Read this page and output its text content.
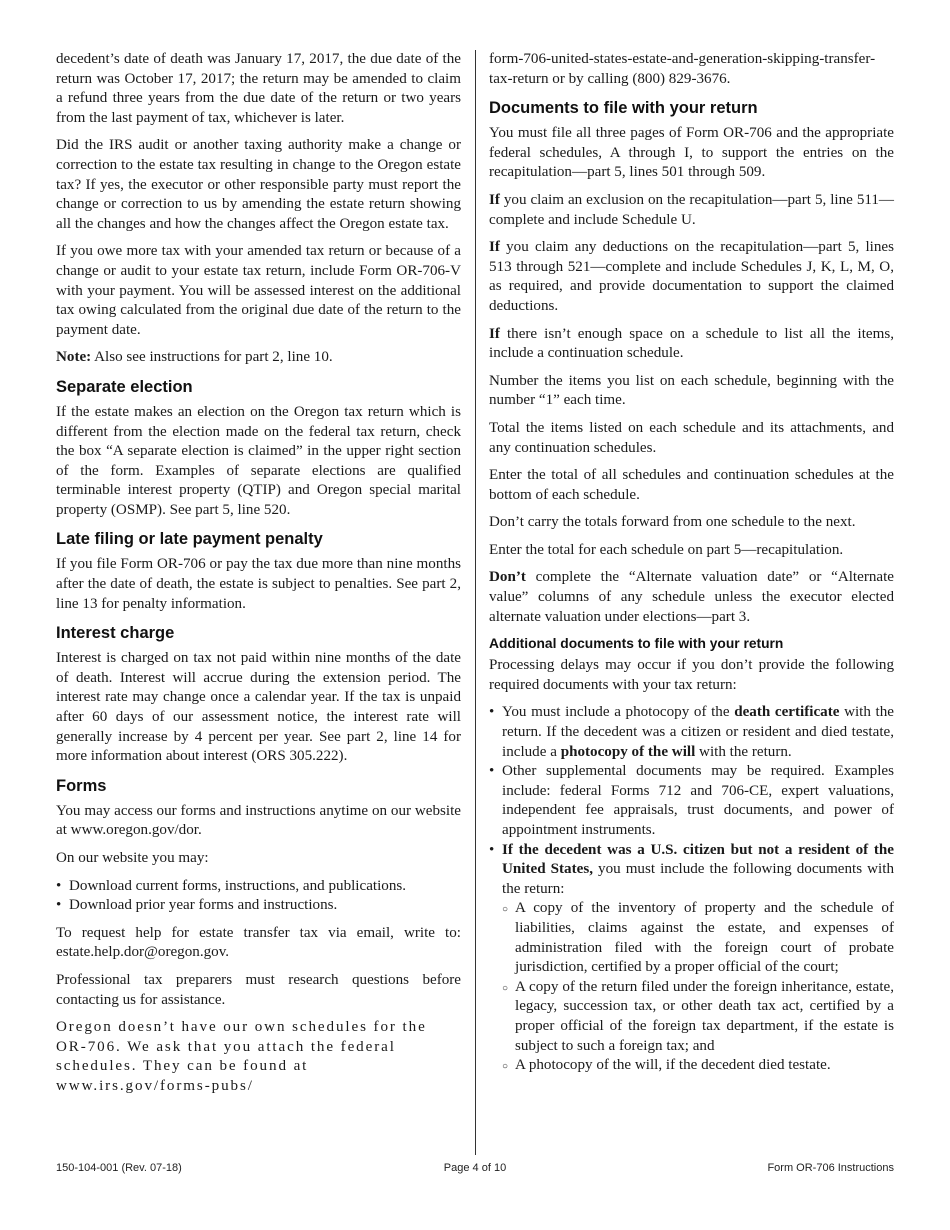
decedent’s date of death was January 17, 2017, the due date of the return was October 17, 2017; the return may be amended to claim a refund three years from the due date of the return or two years from the last payment of tax, whichever is later.

Did the IRS audit or another taxing authority make a change or correction to the estate tax resulting in change to the Oregon estate tax? If yes, the executor or other responsible party must report the change or correction to us by amending the estate return showing all the changes and how the changes affect the Oregon estate tax.

If you owe more tax with your amended tax return or because of a change or audit to your estate tax return, include Form OR-706-V with your payment. You will be assessed interest on the additional tax owing calculated from the original due date of the return to the payment date.

Note: Also see instructions for part 2, line 10.

Separate election

If the estate makes an election on the Oregon tax return which is different from the election made on the federal tax return, check the box “A separate election is claimed” in the upper right section of the form. Examples of separate elections are qualified terminable interest property (QTIP) and Oregon special marital property (OSMP). See part 5, line 520.

Late filing or late payment penalty

If you file Form OR-706 or pay the tax due more than nine months after the date of death, the estate is subject to penalties. See part 2, line 13 for penalty information.

Interest charge

Interest is charged on tax not paid within nine months of the date of death. Interest will accrue during the extension period. The interest rate may change once a calendar year. If the tax is unpaid after 60 days of our assessment notice, the interest rate will generally increase by 4 percent per year. See part 2, line 14 for more information about interest (ORS 305.222).

Forms

You may access our forms and instructions anytime on our website at www.oregon.gov/dor.

On our website you may:

• Download current forms, instructions, and publications.
• Download prior year forms and instructions.

To request help for estate transfer tax via email, write to: estate.help.dor@oregon.gov.

Professional tax preparers must research questions before contacting us for assistance.

Oregon doesn’t have our own schedules for the OR-706. We ask that you attach the federal schedules. They can be found at www.irs.gov/forms-pubs/

form-706-united-states-estate-and-generation-skipping-transfer-tax-return or by calling (800) 829-3676.

Documents to file with your return

You must file all three pages of Form OR-706 and the appropriate federal schedules, A through I, to support the entries on the recapitulation—part 5, lines 501 through 509.

If you claim an exclusion on the recapitulation—part 5, line 511—complete and include Schedule U.

If you claim any deductions on the recapitulation—part 5, lines 513 through 521—complete and include Schedules J, K, L, M, O, as required, and provide documentation to support the claimed deductions.

If there isn’t enough space on a schedule to list all the items, include a continuation schedule.

Number the items you list on each schedule, beginning with the number “1” each time.

Total the items listed on each schedule and its attachments, and any continuation schedules.

Enter the total of all schedules and continuation schedules at the bottom of each schedule.

Don’t carry the totals forward from one schedule to the next.

Enter the total for each schedule on part 5—recapitulation.

Don’t complete the “Alternate valuation date” or “Alternate value” columns of any schedule unless the executor elected alternate valuation under elections—part 3.

Additional documents to file with your return

Processing delays may occur if you don’t provide the following required documents with your tax return:

• You must include a photocopy of the death certificate with the return. If the decedent was a citizen or resident and died testate, include a photocopy of the will with the return.
• Other supplemental documents may be required. Examples include: federal Forms 712 and 706-CE, expert valuations, independent fee appraisals, trust documents, and power of appointment instruments.
• If the decedent was a U.S. citizen but not a resident of the United States, you must include the following documents with the return:
○ A copy of the inventory of property and the schedule of liabilities, claims against the estate, and expenses of administration filed with the foreign court of probate jurisdiction, certified by a proper official of the court;
○ A copy of the return filed under the foreign inheritance, estate, legacy, succession tax, or other death tax act, certified by a proper official of the foreign tax department, if the estate is subject to such a foreign tax; and
○ A photocopy of the will, if the decedent died testate.
150-104-001 (Rev. 07-18)	Page 4 of 10	Form OR-706 Instructions
